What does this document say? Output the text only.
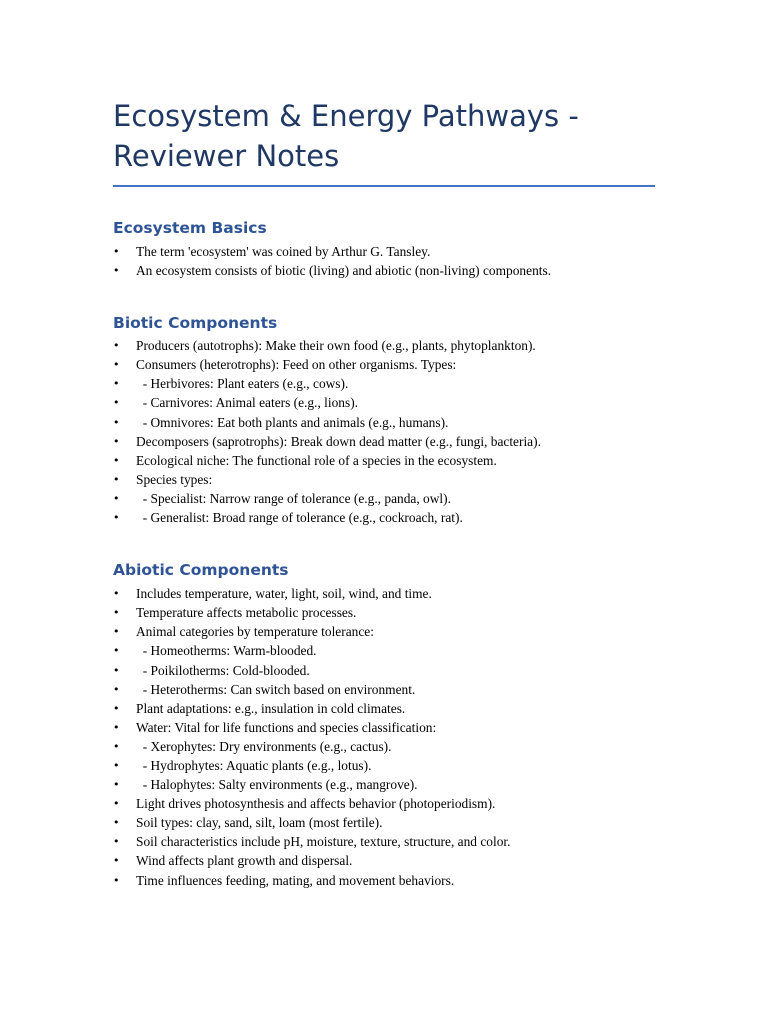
Ecosystem & Energy Pathways -
Reviewer Notes
Ecosystem Basics
• The term 'ecosystem' was coined by Arthur G. Tansley.
• An ecosystem consists of biotic (living) and abiotic (non-living) components.
Biotic Components
• Producers (autotrophs): Make their own food (e.g., plants, phytoplankton).
• Consumers (heterotrophs): Feed on other organisms. Types:
• - Herbivores: Plant eaters (e.g., cows).
• - Carnivores: Animal eaters (e.g., lions).
• - Omnivores: Eat both plants and animals (e.g., humans).
• Decomposers (saprotrophs): Break down dead matter (e.g., fungi, bacteria).
• Ecological niche: The functional role of a species in the ecosystem.
• Species types:
• - Specialist: Narrow range of tolerance (e.g., panda, owl).
• - Generalist: Broad range of tolerance (e.g., cockroach, rat).
Abiotic Components
• Includes temperature, water, light, soil, wind, and time.
• Temperature affects metabolic processes.
• Animal categories by temperature tolerance:
• - Homeotherms: Warm-blooded.
• - Poikilotherms: Cold-blooded.
• - Heterotherms: Can switch based on environment.
• Plant adaptations: e.g., insulation in cold climates.
• Water: Vital for life functions and species classification:
• - Xerophytes: Dry environments (e.g., cactus).
• - Hydrophytes: Aquatic plants (e.g., lotus).
• - Halophytes: Salty environments (e.g., mangrove).
• Light drives photosynthesis and affects behavior (photoperiodism).
• Soil types: clay, sand, silt, loam (most fertile).
• Soil characteristics include pH, moisture, texture, structure, and color.
• Wind affects plant growth and dispersal.
• Time influences feeding, mating, and movement behaviors.
